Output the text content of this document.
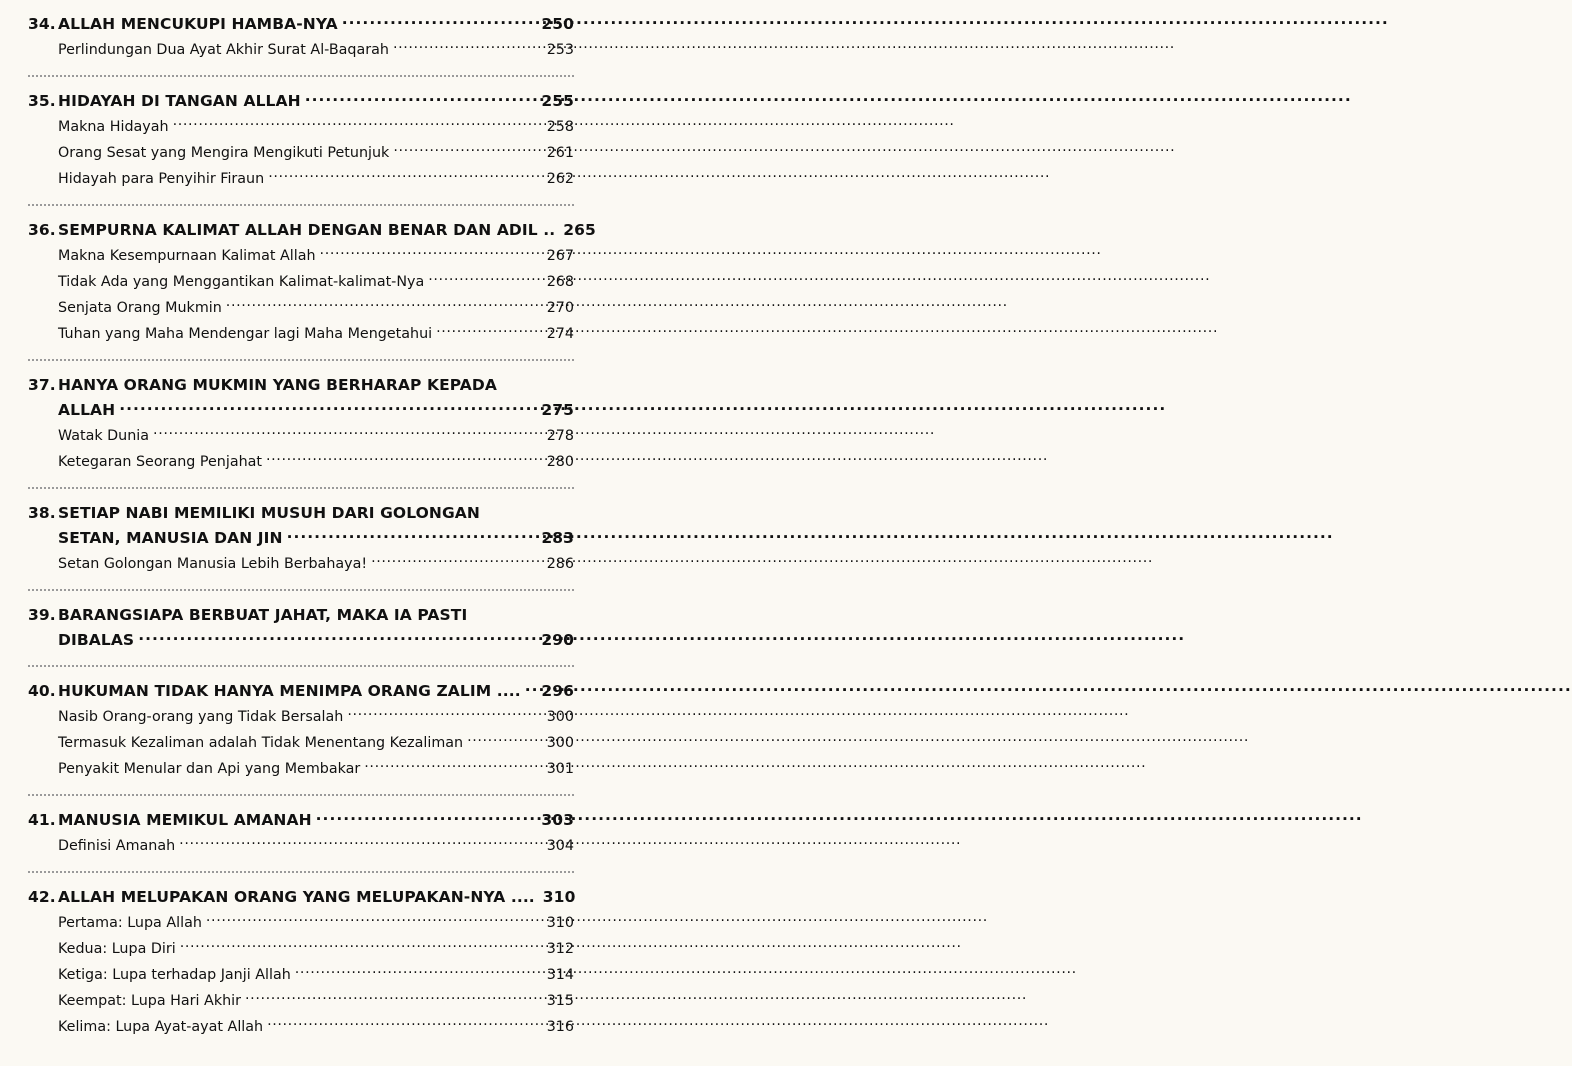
34. ALLAH MENCUKUPI HAMBA-NYA .....	250
Perlindungan Dua Ayat Akhir Surat Al-Baqarah .....	253
35. HIDAYAH DI TANGAN ALLAH .....	255
Makna Hidayah .....	258
Orang Sesat yang Mengira Mengikuti Petunjuk .....	261
Hidayah para Penyihir Firaun .....	262
36. SEMPURNA KALIMAT ALLAH DENGAN BENAR DAN ADIL .. 265
Makna Kesempurnaan Kalimat Allah .....	267
Tidak Ada yang Menggantikan Kalimat-kalimat-Nya .....	268
Senjata Orang Mukmin .....	270
Tuhan yang Maha Mendengar lagi Maha Mengetahui .....	274
37. HANYA ORANG MUKMIN YANG BERHARAP KEPADA
ALLAH .....	275
Watak Dunia .....	278
Ketegaran Seorang Penjahat .....	280
38. SETIAP NABI MEMILIKI MUSUH DARI GOLONGAN
SETAN, MANUSIA DAN JIN .....	283
Setan Golongan Manusia Lebih Berbahaya! .....	286
39. BARANGSIAPA BERBUAT JAHAT, MAKA IA PASTI
DIBALAS .....	290
40. HUKUMAN TIDAK HANYA MENIMPA ORANG ZALIM .... ..... 296
Nasib Orang-orang yang Tidak Bersalah .....	300
Termasuk Kezaliman adalah Tidak Menentang Kezaliman .....	300
Penyakit Menular dan Api yang Membakar .....	301
41. MANUSIA MEMIKUL AMANAH .....	303
Definisi Amanah .....	304
42. ALLAH MELUPAKAN ORANG YANG MELUPAKAN-NYA .... 310
Pertama: Lupa Allah .....	310
Kedua: Lupa Diri .....	312
Ketiga: Lupa terhadap Janji Allah .....	314
Keempat: Lupa Hari Akhir .....	315
Kelima: Lupa Ayat-ayat Allah .....	316
